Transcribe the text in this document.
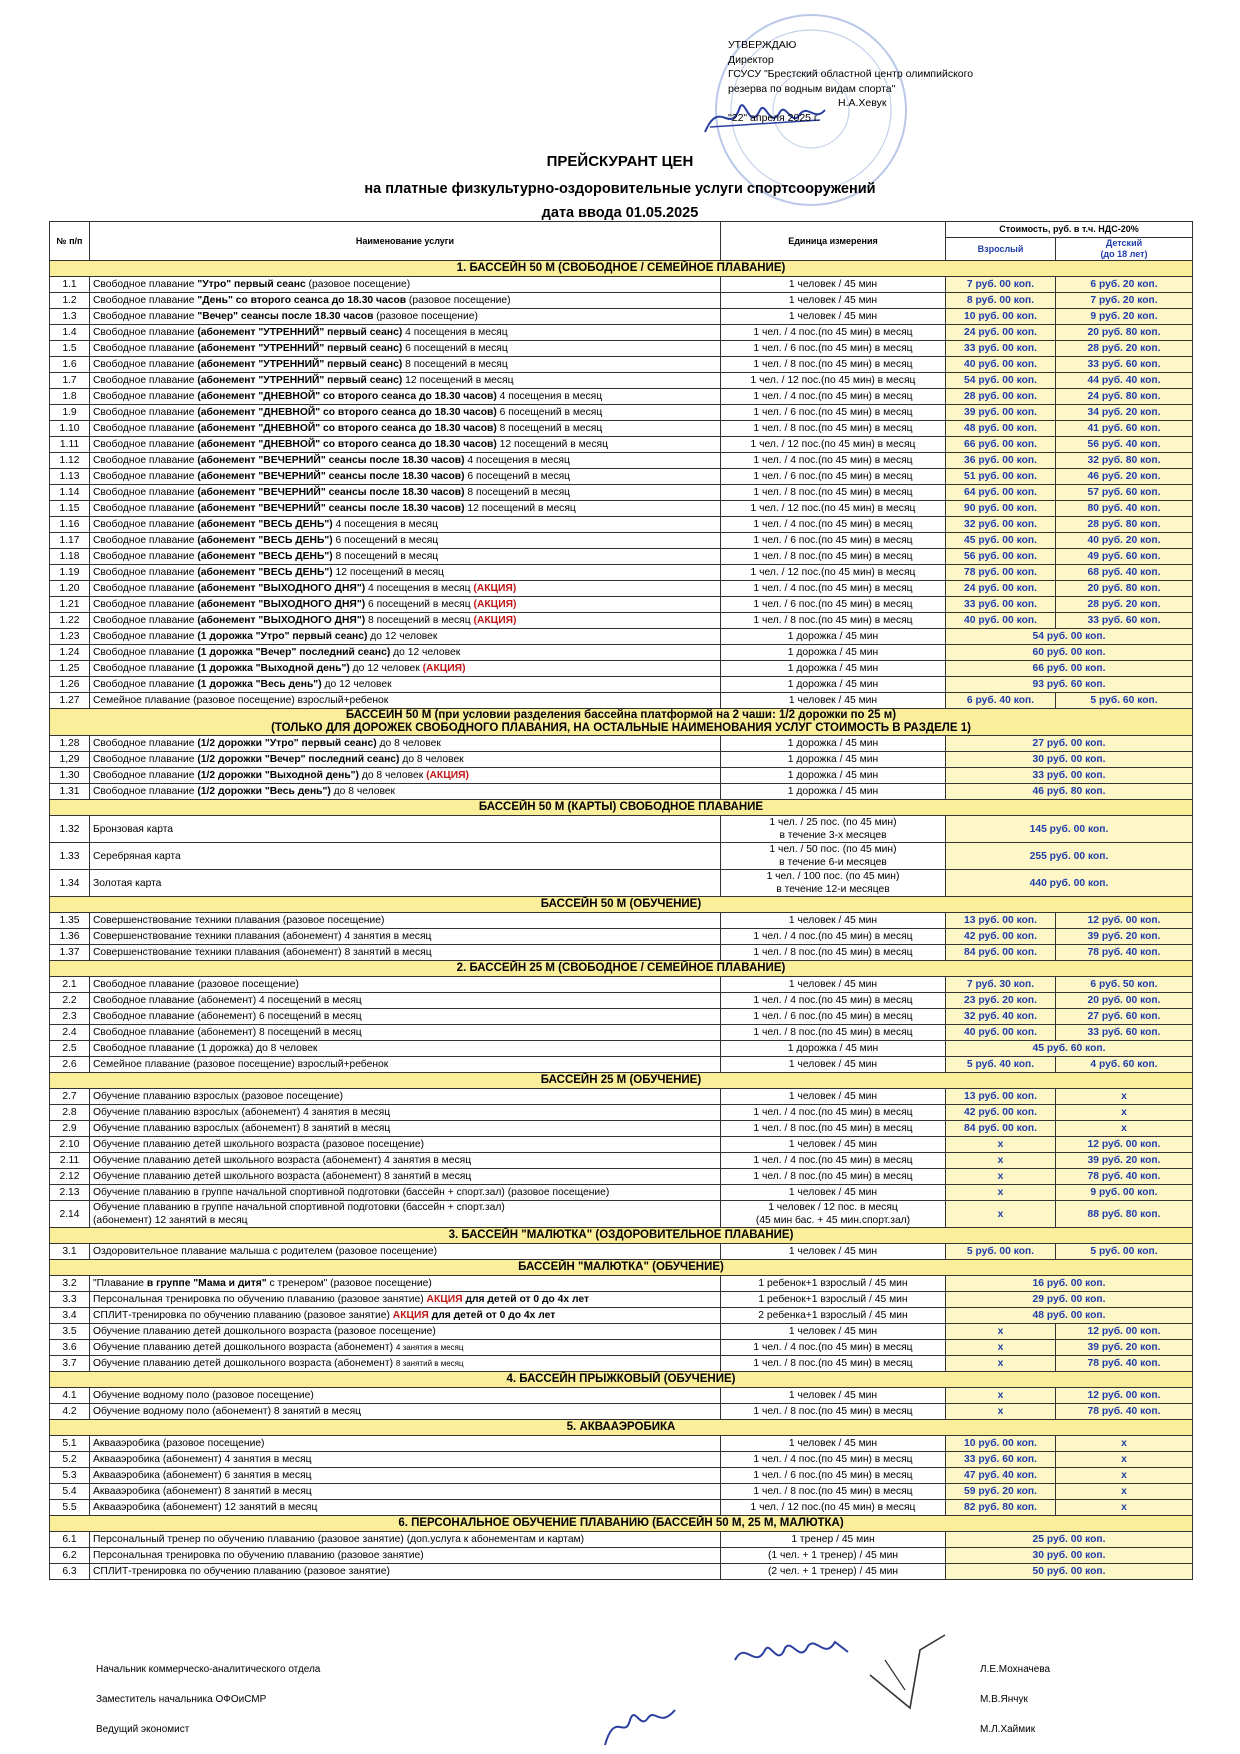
УТВЕРЖДАЮ
Директор
ГСУСУ "Брестский областной центр олимпийского
резерва по водным видам спорта"
Н.А.Хевук
"22" апреля 2025 г.
ПРЕЙСКУРАНТ ЦЕН
на платные физкультурно-оздоровительные услуги спортсооружений
дата ввода 01.05.2025
№ п/п	Наименование услуги	Единица измерения	Стоимость, руб. в т.ч. НДС-20%	
			Взрослый	Детский
(до 18 лет)
1. БАССЕЙН 50 М (СВОБОДНОЕ / СЕМЕЙНОЕ ПЛАВАНИЕ)				
1.1	Свободное плавание "Утро" первый сеанс (разовое посещение)	1 человек / 45 мин	7 руб. 00 коп.	6 руб. 20 коп.
1.2	Свободное плавание "День" со второго сеанса до 18.30 часов (разовое посещение)	1 человек / 45 мин	8 руб. 00 коп.	7 руб. 20 коп.
1.3	Свободное плавание "Вечер" сеансы после 18.30 часов (разовое посещение)	1 человек / 45 мин	10 руб. 00 коп.	9 руб. 20 коп.
1.4	Свободное плавание (абонемент "УТРЕННИЙ" первый сеанс) 4 посещения в месяц	1 чел. / 4 пос.(по 45 мин) в месяц	24 руб. 00 коп.	20 руб. 80 коп.
1.5	Свободное плавание (абонемент "УТРЕННИЙ" первый сеанс) 6 посещений в месяц	1 чел. / 6 пос.(по 45 мин) в месяц	33 руб. 00 коп.	28 руб. 20 коп.
1.6	Свободное плавание (абонемент "УТРЕННИЙ" первый сеанс) 8 посещений в месяц	1 чел. / 8 пос.(по 45 мин) в месяц	40 руб. 00 коп.	33 руб. 60 коп.
1.7	Свободное плавание (абонемент "УТРЕННИЙ" первый сеанс) 12 посещений в месяц	1 чел. / 12 пос.(по 45 мин) в месяц	54 руб. 00 коп.	44 руб. 40 коп.
1.8	Свободное плавание (абонемент "ДНЕВНОЙ" со второго сеанса до 18.30 часов) 4 посещения в месяц	1 чел. / 4 пос.(по 45 мин) в месяц	28 руб. 00 коп.	24 руб. 80 коп.
1.9	Свободное плавание (абонемент "ДНЕВНОЙ" со второго сеанса до 18.30 часов) 6 посещений в месяц	1 чел. / 6 пос.(по 45 мин) в месяц	39 руб. 00 коп.	34 руб. 20 коп.
1.10	Свободное плавание (абонемент "ДНЕВНОЙ" со второго сеанса до 18.30 часов) 8 посещений в месяц	1 чел. / 8 пос.(по 45 мин) в месяц	48 руб. 00 коп.	41 руб. 60 коп.
1.11	Свободное плавание (абонемент "ДНЕВНОЙ" со второго сеанса до 18.30 часов) 12 посещений в месяц	1 чел. / 12 пос.(по 45 мин) в месяц	66 руб. 00 коп.	56 руб. 40 коп.
1.12	Свободное плавание (абонемент "ВЕЧЕРНИЙ" сеансы после 18.30 часов) 4 посещения в месяц	1 чел. / 4 пос.(по 45 мин) в месяц	36 руб. 00 коп.	32 руб. 80 коп.
1.13	Свободное плавание (абонемент "ВЕЧЕРНИЙ" сеансы после 18.30 часов) 6 посещений в месяц	1 чел. / 6 пос.(по 45 мин) в месяц	51 руб. 00 коп.	46 руб. 20 коп.
1.14	Свободное плавание (абонемент "ВЕЧЕРНИЙ" сеансы после 18.30 часов) 8 посещений в месяц	1 чел. / 8 пос.(по 45 мин) в месяц	64 руб. 00 коп.	57 руб. 60 коп.
1.15	Свободное плавание (абонемент "ВЕЧЕРНИЙ" сеансы после 18.30 часов) 12 посещений в месяц	1 чел. / 12 пос.(по 45 мин) в месяц	90 руб. 00 коп.	80 руб. 40 коп.
1.16	Свободное плавание (абонемент "ВЕСЬ ДЕНЬ") 4 посещения в месяц	1 чел. / 4 пос.(по 45 мин) в месяц	32 руб. 00 коп.	28 руб. 80 коп.
1.17	Свободное плавание (абонемент "ВЕСЬ ДЕНЬ") 6 посещений в месяц	1 чел. / 6 пос.(по 45 мин) в месяц	45 руб. 00 коп.	40 руб. 20 коп.
1.18	Свободное плавание (абонемент "ВЕСЬ ДЕНЬ") 8 посещений в месяц	1 чел. / 8 пос.(по 45 мин) в месяц	56 руб. 00 коп.	49 руб. 60 коп.
1.19	Свободное плавание (абонемент "ВЕСЬ ДЕНЬ") 12 посещений в месяц	1 чел. / 12 пос.(по 45 мин) в месяц	78 руб. 00 коп.	68 руб. 40 коп.
1.20	Свободное плавание (абонемент "ВЫХОДНОГО ДНЯ") 4 посещения в месяц (АКЦИЯ)	1 чел. / 4 пос.(по 45 мин) в месяц	24 руб. 00 коп.	20 руб. 80 коп.
1.21	Свободное плавание (абонемент "ВЫХОДНОГО ДНЯ") 6 посещений в месяц (АКЦИЯ)	1 чел. / 6 пос.(по 45 мин) в месяц	33 руб. 00 коп.	28 руб. 20 коп.
1.22	Свободное плавание (абонемент "ВЫХОДНОГО ДНЯ") 8 посещений в месяц (АКЦИЯ)	1 чел. / 8 пос.(по 45 мин) в месяц	40 руб. 00 коп.	33 руб. 60 коп.
1.23	Свободное плавание (1 дорожка "Утро" первый сеанс) до 12 человек	1 дорожка / 45 мин	54 руб. 00 коп.	
1.24	Свободное плавание (1 дорожка "Вечер" последний сеанс) до 12 человек	1 дорожка / 45 мин	60 руб. 00 коп.	
1.25	Свободное плавание (1 дорожка "Выходной день") до 12 человек (АКЦИЯ)	1 дорожка / 45 мин	66 руб. 00 коп.	
1.26	Свободное плавание (1 дорожка "Весь день") до 12 человек	1 дорожка / 45 мин	93 руб. 60 коп.	
1.27	Семейное плавание (разовое посещение) взрослый+ребенок	1 человек / 45 мин	6 руб. 40 коп.	5 руб. 60 коп.
БАССЕЙН 50 М (при условии разделения бассейна платформой на 2 чаши: 1/2 дорожки по 25 м)
(ТОЛЬКО ДЛЯ ДОРОЖЕК СВОБОДНОГО ПЛАВАНИЯ, НА ОСТАЛЬНЫЕ НАИМЕНОВАНИЯ УСЛУГ СТОИМОСТЬ В РАЗДЕЛЕ 1)				
1.28	Свободное плавание (1/2 дорожки "Утро" первый сеанс) до 8 человек	1 дорожка / 45 мин	27 руб. 00 коп.	
1,29	Свободное плавание (1/2 дорожки "Вечер" последний сеанс) до 8 человек	1 дорожка / 45 мин	30 руб. 00 коп.	
1.30	Свободное плавание (1/2 дорожки "Выходной день") до 8 человек (АКЦИЯ)	1 дорожка / 45 мин	33 руб. 00 коп.	
1.31	Свободное плавание (1/2 дорожки "Весь день") до 8 человек	1 дорожка / 45 мин	46 руб. 80 коп.	
БАССЕЙН 50 М (КАРТЫ) СВОБОДНОЕ ПЛАВАНИЕ				
1.32	Бронзовая карта	1 чел. / 25 пос. (по 45 мин)
в течение 3-х месяцев	145 руб. 00 коп.	
1.33	Серебряная карта	1 чел. / 50 пос. (по 45 мин)
в течение 6-и месяцев	255 руб. 00 коп.	
1.34	Золотая карта	1 чел. / 100 пос. (по 45 мин)
в течение 12-и месяцев	440 руб. 00 коп.	
БАССЕЙН 50 М (ОБУЧЕНИЕ)				
1.35	Совершенствование техники плавания (разовое посещение)	1 человек / 45 мин	13 руб. 00 коп.	12 руб. 00 коп.
1.36	Совершенствование техники плавания (абонемент) 4 занятия в месяц	1 чел. / 4 пос.(по 45 мин) в месяц	42 руб. 00 коп.	39 руб. 20 коп.
1.37	Совершенствование техники плавания (абонемент) 8 занятий в месяц	1 чел. / 8 пос.(по 45 мин) в месяц	84 руб. 00 коп.	78 руб. 40 коп.
2. БАССЕЙН 25 М (СВОБОДНОЕ / СЕМЕЙНОЕ ПЛАВАНИЕ)				
2.1	Свободное плавание (разовое посещение)	1 человек / 45 мин	7 руб. 30 коп.	6 руб. 50 коп.
2.2	Свободное плавание (абонемент) 4 посещений в месяц	1 чел. / 4 пос.(по 45 мин) в месяц	23 руб. 20 коп.	20 руб. 00 коп.
2.3	Свободное плавание (абонемент) 6 посещений в месяц	1 чел. / 6 пос.(по 45 мин) в месяц	32 руб. 40 коп.	27 руб. 60 коп.
2.4	Свободное плавание (абонемент) 8 посещений в месяц	1 чел. / 8 пос.(по 45 мин) в месяц	40 руб. 00 коп.	33 руб. 60 коп.
2.5	Свободное плавание (1 дорожка) до 8 человек	1 дорожка / 45 мин	45 руб. 60 коп.	
2.6	Семейное плавание (разовое посещение) взрослый+ребенок	1 человек / 45 мин	5 руб. 40 коп.	4 руб. 60 коп.
БАССЕЙН 25 М (ОБУЧЕНИЕ)				
2.7	Обучение плаванию взрослых (разовое посещение)	1 человек / 45 мин	13 руб. 00 коп.	х
2.8	Обучение плаванию взрослых (абонемент) 4 занятия в месяц	1 чел. / 4 пос.(по 45 мин) в месяц	42 руб. 00 коп.	х
2.9	Обучение плаванию взрослых (абонемент) 8 занятий в месяц	1 чел. / 8 пос.(по 45 мин) в месяц	84 руб. 00 коп.	х
2.10	Обучение плаванию детей школьного возраста (разовое посещение)	1 человек / 45 мин	х	12 руб. 00 коп.
2.11	Обучение плаванию детей школьного возраста (абонемент) 4 занятия в месяц	1 чел. / 4 пос.(по 45 мин) в месяц	х	39 руб. 20 коп.
2.12	Обучение плаванию детей школьного возраста (абонемент) 8 занятий в месяц	1 чел. / 8 пос.(по 45 мин) в месяц	х	78 руб. 40 коп.
2.13	Обучение плаванию в группе начальной спортивной подготовки (бассейн + спорт.зал) (разовое посещение)	1 человек / 45 мин	х	9 руб. 00 коп.
2.14	Обучение плаванию в группе начальной спортивной подготовки (бассейн + спорт.зал)
(абонемент) 12 занятий в месяц	1 человек / 12 пос. в месяц
(45 мин бас. + 45 мин.спорт.зал)	х	88 руб. 80 коп.
3. БАССЕЙН "МАЛЮТКА" (ОЗДОРОВИТЕЛЬНОЕ ПЛАВАНИЕ)				
3.1	Оздоровительное плавание малыша с родителем (разовое посещение)	1 человек / 45 мин	5 руб. 00 коп.	5 руб. 00 коп.
БАССЕЙН "МАЛЮТКА" (ОБУЧЕНИЕ)				
3.2	"Плавание в группе "Мама и дитя" с тренером" (разовое посещение)	1 ребенок+1 взрослый / 45 мин	16 руб. 00 коп.	
3.3	Персональная тренировка по обучению плаванию (разовое занятие) АКЦИЯ для детей от 0 до 4х лет	1 ребенок+1 взрослый / 45 мин	29 руб. 00 коп.	
3.4	СПЛИТ-тренировка по обучению плаванию (разовое занятие) АКЦИЯ для детей от 0 до 4х лет	2 ребенка+1 взрослый / 45 мин	48 руб. 00 коп.	
3.5	Обучение плаванию детей дошкольного возраста (разовое посещение)	1 человек / 45 мин	х	12 руб. 00 коп.
3.6	Обучение плаванию детей дошкольного возраста (абонемент) 4 занятия в месяц	1 чел. / 4 пос.(по 45 мин) в месяц	х	39 руб. 20 коп.
3.7	Обучение плаванию детей дошкольного возраста (абонемент) 8 занятий в месяц	1 чел. / 8 пос.(по 45 мин) в месяц	х	78 руб. 40 коп.
4. БАССЕЙН ПРЫЖКОВЫЙ (ОБУЧЕНИЕ)				
4.1	Обучение водному поло (разовое посещение)	1 человек / 45 мин	х	12 руб. 00 коп.
4.2	Обучение водному поло (абонемент) 8 занятий в месяц	1 чел. / 8 пос.(по 45 мин) в месяц	х	78 руб. 40 коп.
5. АКВААЭРОБИКА				
5.1	Аквааэробика (разовое посещение)	1 человек / 45 мин	10 руб. 00 коп.	х
5.2	Аквааэробика (абонемент) 4 занятия в месяц	1 чел. / 4 пос.(по 45 мин) в месяц	33 руб. 60 коп.	х
5.3	Аквааэробика (абонемент) 6 занятия в месяц	1 чел. / 6 пос.(по 45 мин) в месяц	47 руб. 40 коп.	х
5.4	Аквааэробика (абонемент) 8 занятий в месяц	1 чел. / 8 пос.(по 45 мин) в месяц	59 руб. 20 коп.	х
5.5	Аквааэробика (абонемент) 12 занятий в месяц	1 чел. / 12 пос.(по 45 мин) в месяц	82 руб. 80 коп.	х
6. ПЕРСОНАЛЬНОЕ ОБУЧЕНИЕ ПЛАВАНИЮ (БАССЕЙН 50 М, 25 М, МАЛЮТКА)				
6.1	Персональный тренер по обучению плаванию (разовое занятие) (доп.услуга к абонементам и картам)	1 тренер / 45 мин	25 руб. 00 коп.	
6.2	Персональная тренировка по обучению плаванию (разовое занятие)	(1 чел. + 1 тренер) / 45 мин	30 руб. 00 коп.	
6.3	СПЛИТ-тренировка по обучению плаванию (разовое занятие)	(2 чел. + 1 тренер) / 45 мин	50 руб. 00 коп.	
Начальник коммерческо-аналитического отдела	Л.Е.Мохначева
Заместитель начальника ОФОиСМР	М.В.Янчук
Ведущий экономист	М.Л.Хаймик
